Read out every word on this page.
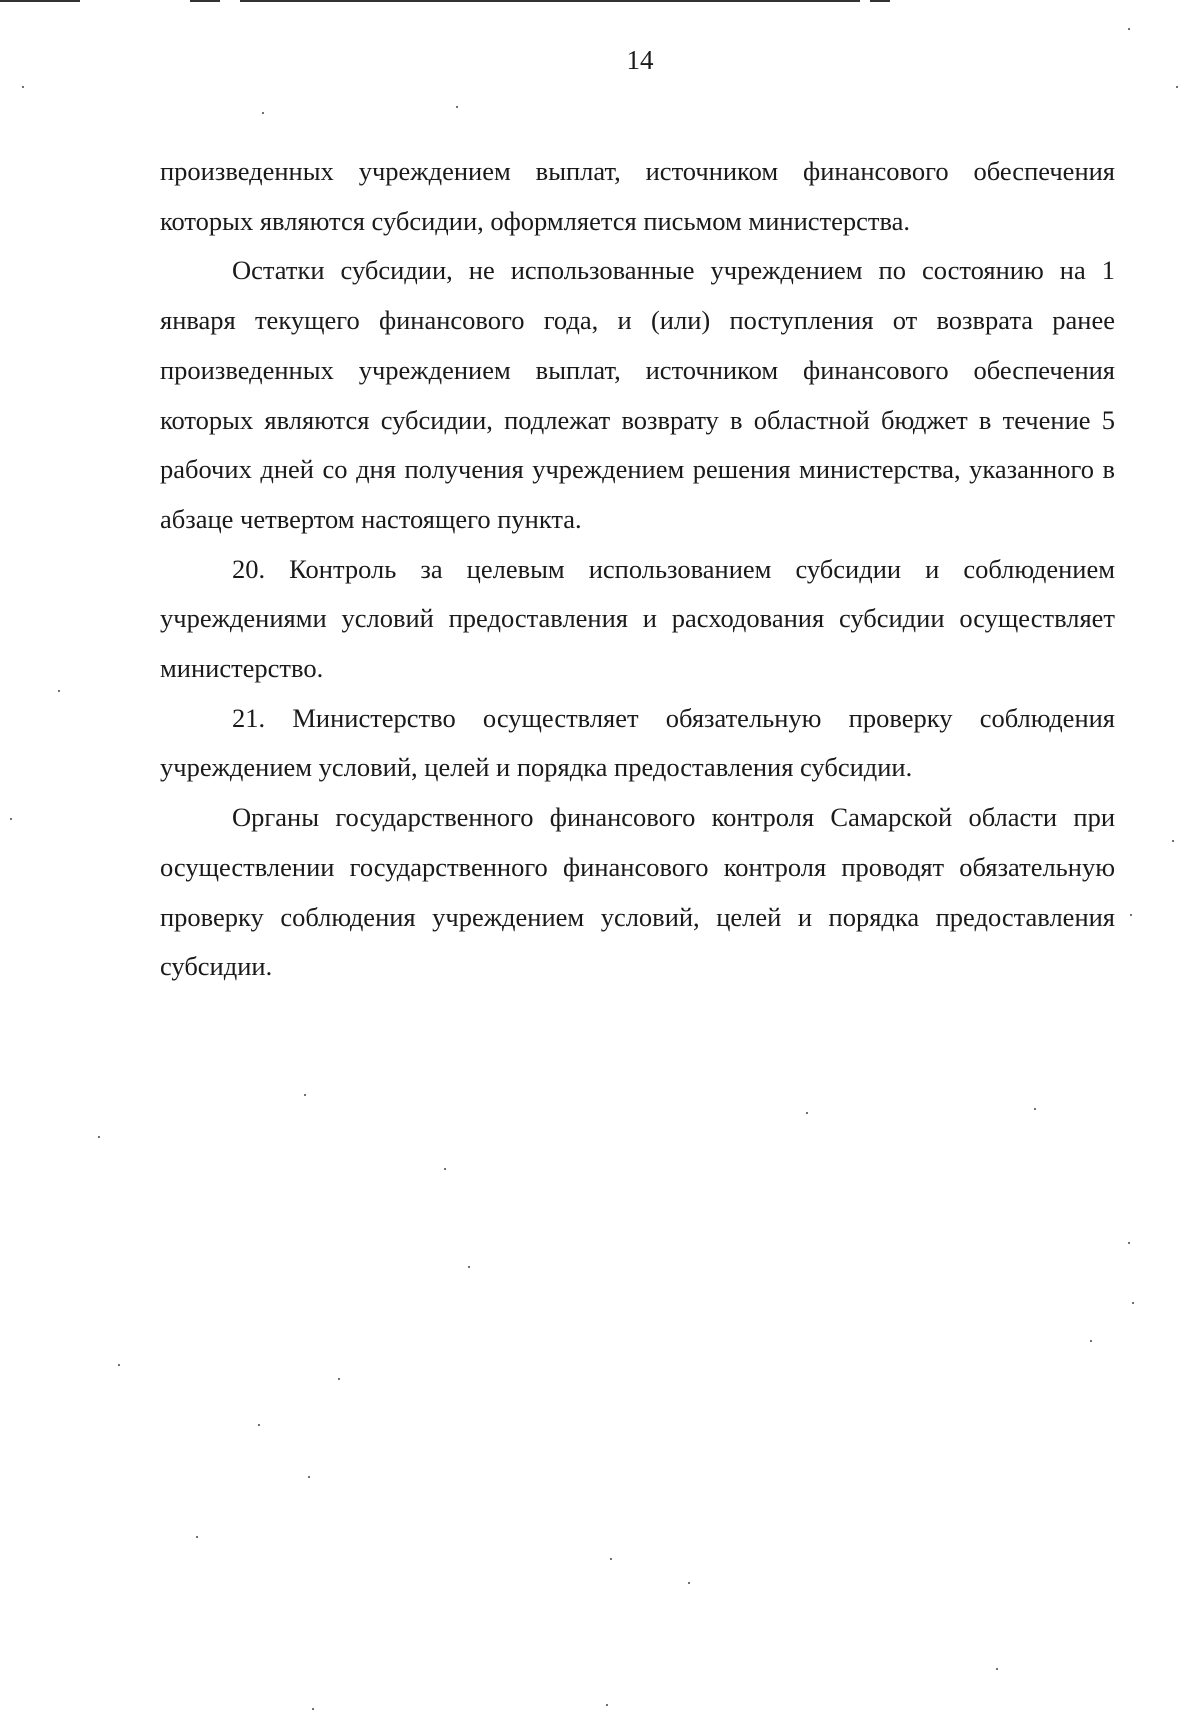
14

произведенных учреждением выплат, источником финансового обеспечения которых являются субсидии, оформляется письмом министерства.

Остатки субсидии, не использованные учреждением по состоянию на 1 января текущего финансового года, и (или) поступления от возврата ранее произведенных учреждением выплат, источником финансового обеспечения которых являются субсидии, подлежат возврату в областной бюджет в течение 5 рабочих дней со дня получения учреждением решения министерства, указанного в абзаце четвертом настоящего пункта.

20. Контроль за целевым использованием субсидии и соблюдением учреждениями условий предоставления и расходования субсидии осуществляет министерство.

21. Министерство осуществляет обязательную проверку соблюдения учреждением условий, целей и порядка предоставления субсидии.

Органы государственного финансового контроля Самарской области при осуществлении государственного финансового контроля проводят обязательную проверку соблюдения учреждением условий, целей и порядка предоставления субсидии.
